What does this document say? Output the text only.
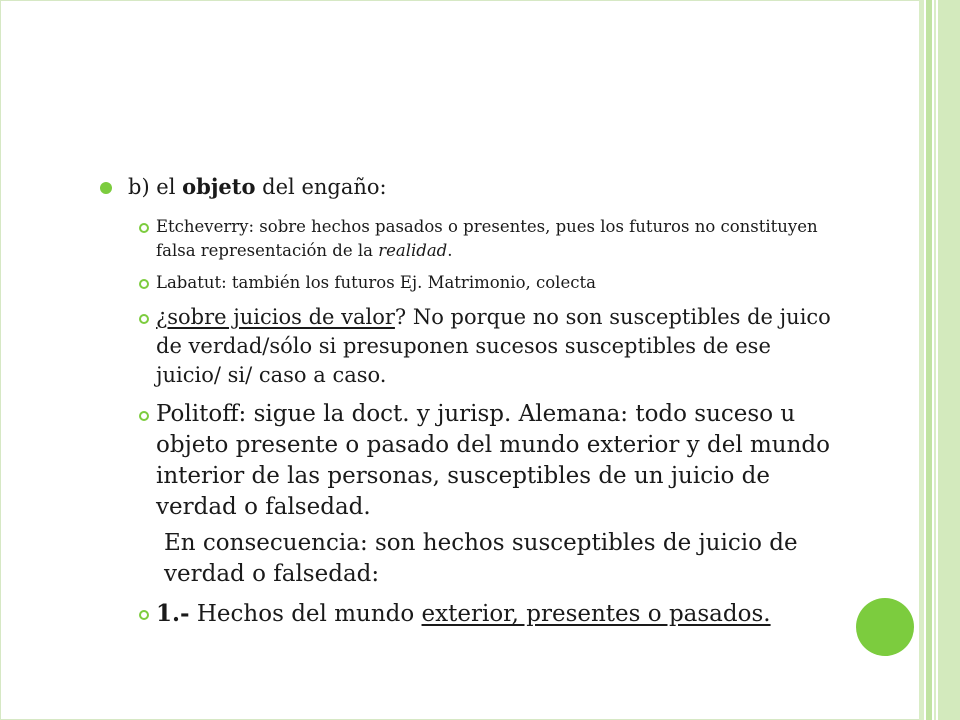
b) el objeto del engaño:
Etcheverry: sobre hechos pasados o presentes, pues los futuros no constituyen falsa representación de la realidad.
Labatut: también los futuros Ej. Matrimonio, colecta
¿sobre juicios de valor? No porque no son susceptibles de juico de verdad/sólo si presuponen sucesos susceptibles de ese juicio/ si/ caso a caso.
Politoff: sigue la doct. y jurisp. Alemana: todo suceso u objeto presente o pasado del mundo exterior y del mundo interior de las personas, susceptibles de un juicio de verdad o falsedad.
En consecuencia: son hechos susceptibles de juicio de verdad o falsedad:
1.- Hechos del mundo exterior, presentes o pasados.
